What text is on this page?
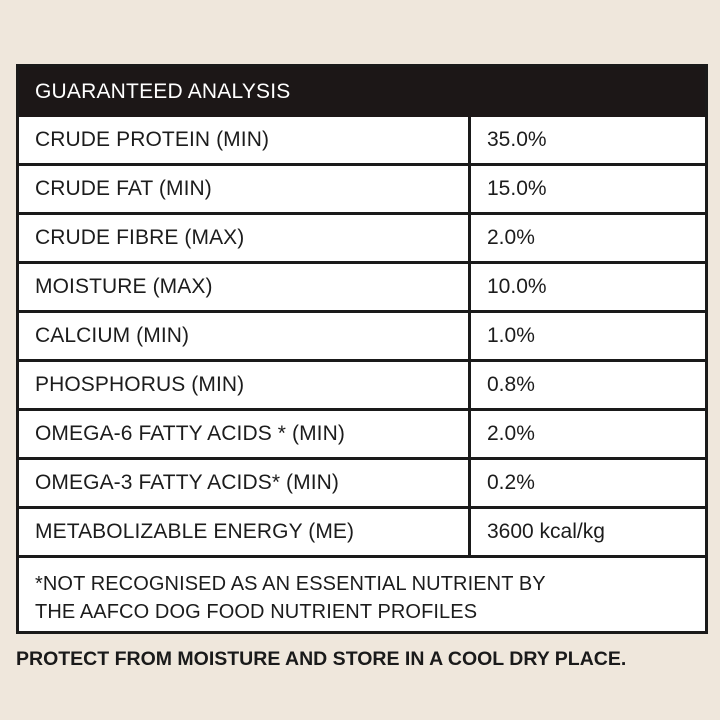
GUARANTEED ANALYSIS
CRUDE PROTEIN (MIN)	35.0%
CRUDE FAT (MIN)	15.0%
CRUDE FIBRE (MAX)	2.0%
MOISTURE (MAX)	10.0%
CALCIUM (MIN)	1.0%
PHOSPHORUS (MIN)	0.8%
OMEGA-6 FATTY ACIDS * (MIN)	2.0%
OMEGA-3 FATTY ACIDS* (MIN)	0.2%
METABOLIZABLE ENERGY (ME)	3600 kcal/kg
*NOT RECOGNISED AS AN ESSENTIAL NUTRIENT BY
THE AAFCO DOG FOOD NUTRIENT PROFILES
PROTECT FROM MOISTURE AND STORE IN A COOL DRY PLACE.
